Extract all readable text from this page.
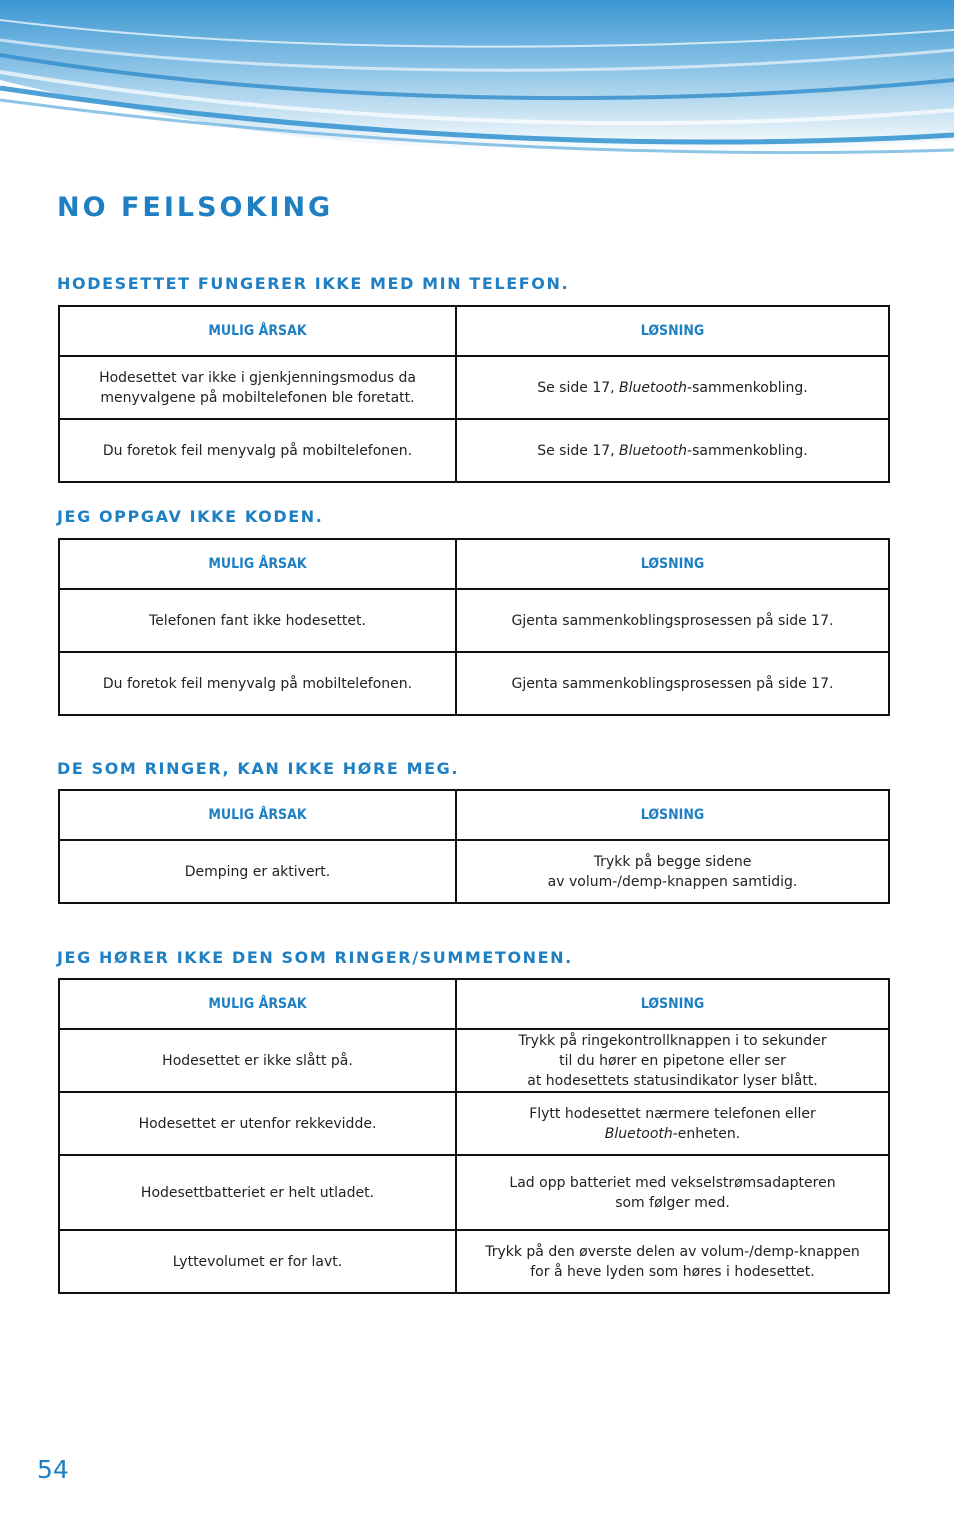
NO FEILSOKING
HODESETTET FUNGERER IKKE MED MIN TELEFON.
MULIG ÅRSAK	LØSNING

Hodesettet var ikke i gjenkjenningsmodus da
menyvalgene på mobiltelefonen ble foretatt.	Se side 17, Bluetooth-sammenkobling.

Du foretok feil menyvalg på mobiltelefonen.	Se side 17, Bluetooth-sammenkobling.
JEG OPPGAV IKKE KODEN.
MULIG ÅRSAK	LØSNING

Telefonen fant ikke hodesettet.	Gjenta sammenkoblingsprosessen på side 17.

Du foretok feil menyvalg på mobiltelefonen.	Gjenta sammenkoblingsprosessen på side 17.
DE SOM RINGER, KAN IKKE HØRE MEG.
MULIG ÅRSAK	LØSNING

Demping er aktivert.	Trykk på begge sidene
av volum-/demp-knappen samtidig.
JEG HØRER IKKE DEN SOM RINGER/SUMMETONEN.
MULIG ÅRSAK	LØSNING

Hodesettet er ikke slått på.	Trykk på ringekontrollknappen i to sekunder
til du hører en pipetone eller ser
at hodesettets statusindikator lyser blått.

Hodesettet er utenfor rekkevidde.	Flytt hodesettet nærmere telefonen eller
Bluetooth-enheten.

Hodesettbatteriet er helt utladet.	Lad opp batteriet med vekselstrømsadapteren
som følger med.

Lyttevolumet er for lavt.	Trykk på den øverste delen av volum-/demp-knappen
for å heve lyden som høres i hodesettet.
54
